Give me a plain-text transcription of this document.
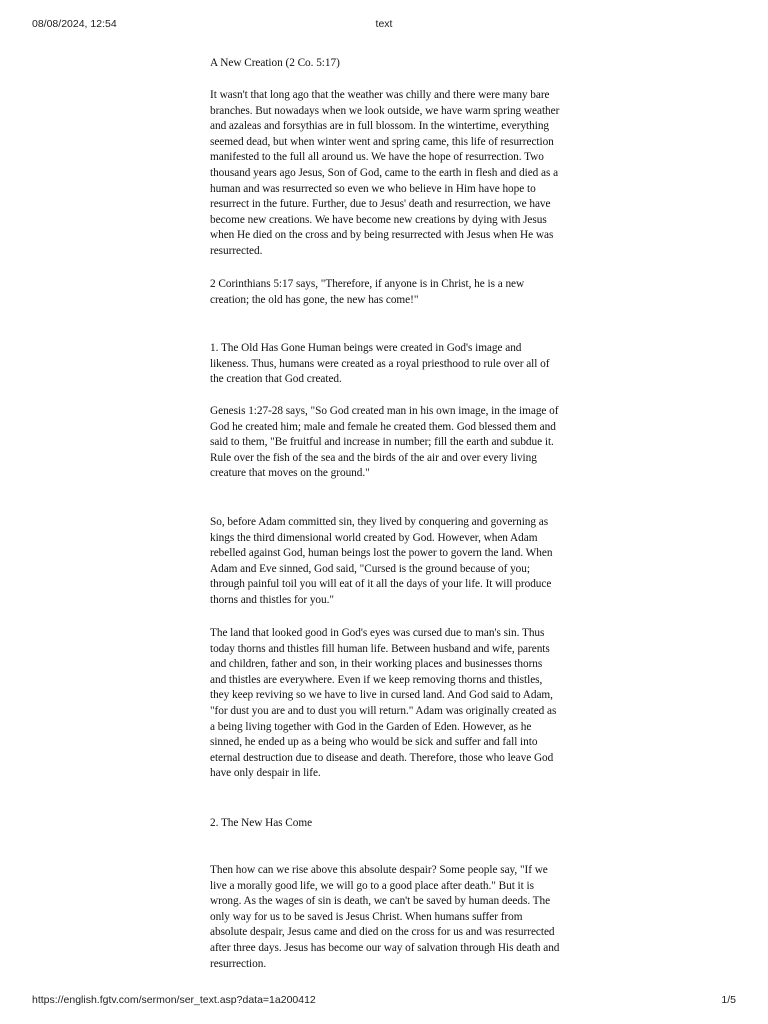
08/08/2024, 12:54	text

A New Creation (2 Co. 5:17)

It wasn't that long ago that the weather was chilly and there were many bare branches. But nowadays when we look outside, we have warm spring weather and azaleas and forsythias are in full blossom. In the wintertime, everything seemed dead, but when winter went and spring came, this life of resurrection manifested to the full all around us. We have the hope of resurrection. Two thousand years ago Jesus, Son of God, came to the earth in flesh and died as a human and was resurrected so even we who believe in Him have hope to resurrect in the future. Further, due to Jesus' death and resurrection, we have become new creations. We have become new creations by dying with Jesus when He died on the cross and by being resurrected with Jesus when He was resurrected.

2 Corinthians 5:17 says, "Therefore, if anyone is in Christ, he is a new creation; the old has gone, the new has come!"

1. The Old Has Gone Human beings were created in God's image and likeness. Thus, humans were created as a royal priesthood to rule over all of the creation that God created.

Genesis 1:27-28 says, "So God created man in his own image, in the image of God he created him; male and female he created them. God blessed them and said to them, "Be fruitful and increase in number; fill the earth and subdue it. Rule over the fish of the sea and the birds of the air and over every living creature that moves on the ground."

So, before Adam committed sin, they lived by conquering and governing as kings the third dimensional world created by God. However, when Adam rebelled against God, human beings lost the power to govern the land. When Adam and Eve sinned, God said, "Cursed is the ground because of you; through painful toil you will eat of it all the days of your life. It will produce thorns and thistles for you."

The land that looked good in God's eyes was cursed due to man's sin. Thus today thorns and thistles fill human life. Between husband and wife, parents and children, father and son, in their working places and businesses thorns and thistles are everywhere. Even if we keep removing thorns and thistles, they keep reviving so we have to live in cursed land. And God said to Adam, "for dust you are and to dust you will return." Adam was originally created as a being living together with God in the Garden of Eden. However, as he sinned, he ended up as a being who would be sick and suffer and fall into eternal destruction due to disease and death. Therefore, those who leave God have only despair in life.

2. The New Has Come

Then how can we rise above this absolute despair? Some people say, "If we live a morally good life, we will go to a good place after death." But it is wrong. As the wages of sin is death, we can't be saved by human deeds. The only way for us to be saved is Jesus Christ. When humans suffer from absolute despair, Jesus came and died on the cross for us and was resurrected after three days. Jesus has become our way of salvation through His death and resurrection.

https://english.fgtv.com/sermon/ser_text.asp?data=1a200412	1/5
